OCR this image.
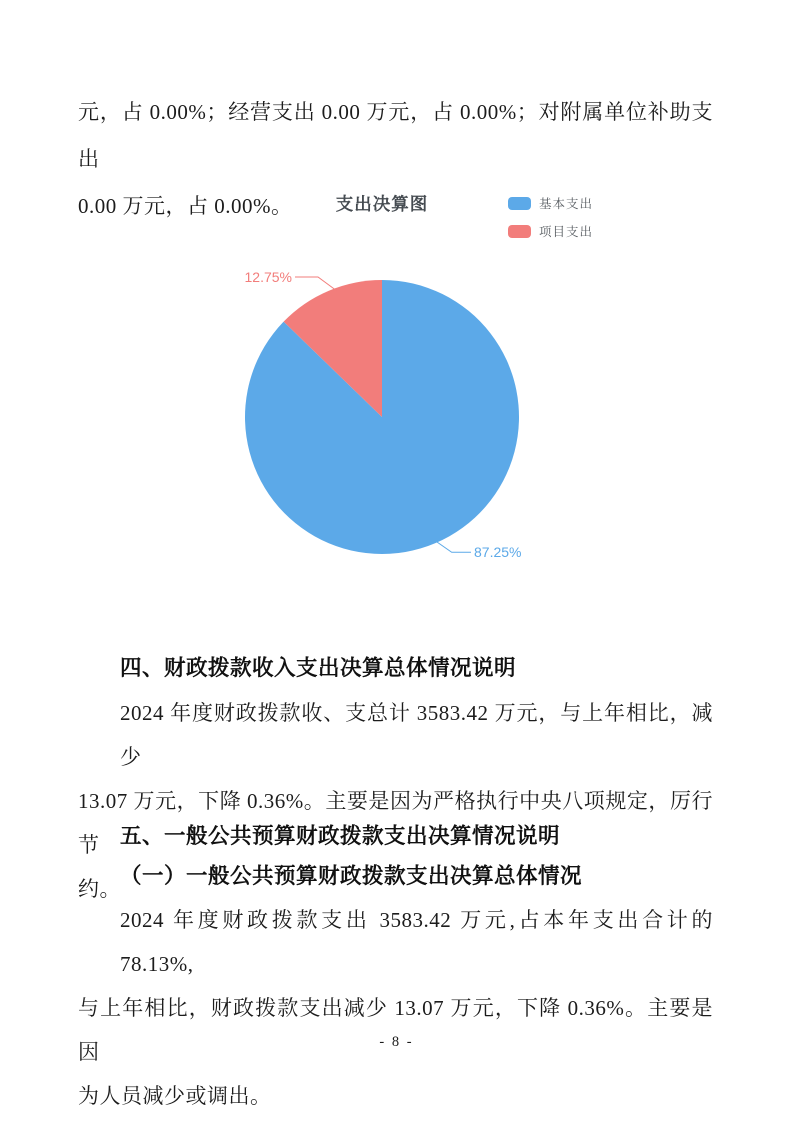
元，占 0.00%；经营支出 0.00 万元，占 0.00%；对附属单位补助支出
0.00 万元，占 0.00%。	支出决算图	基本支出
项目支出
12.75%
87.25%
四、财政拨款收入支出决算总体情况说明
2024 年度财政拨款收、支总计 3583.42 万元，与上年相比，减少
13.07 万元，下降 0.36%。主要是因为严格执行中央八项规定，厉行节
约。
五、一般公共预算财政拨款支出决算情况说明
（一）一般公共预算财政拨款支出决算总体情况
2024 年度财政拨款支出 3583.42 万元,占本年支出合计的 78.13%,
与上年相比，财政拨款支出减少 13.07 万元，下降 0.36%。主要是因
为人员减少或调出。
- 8 -
